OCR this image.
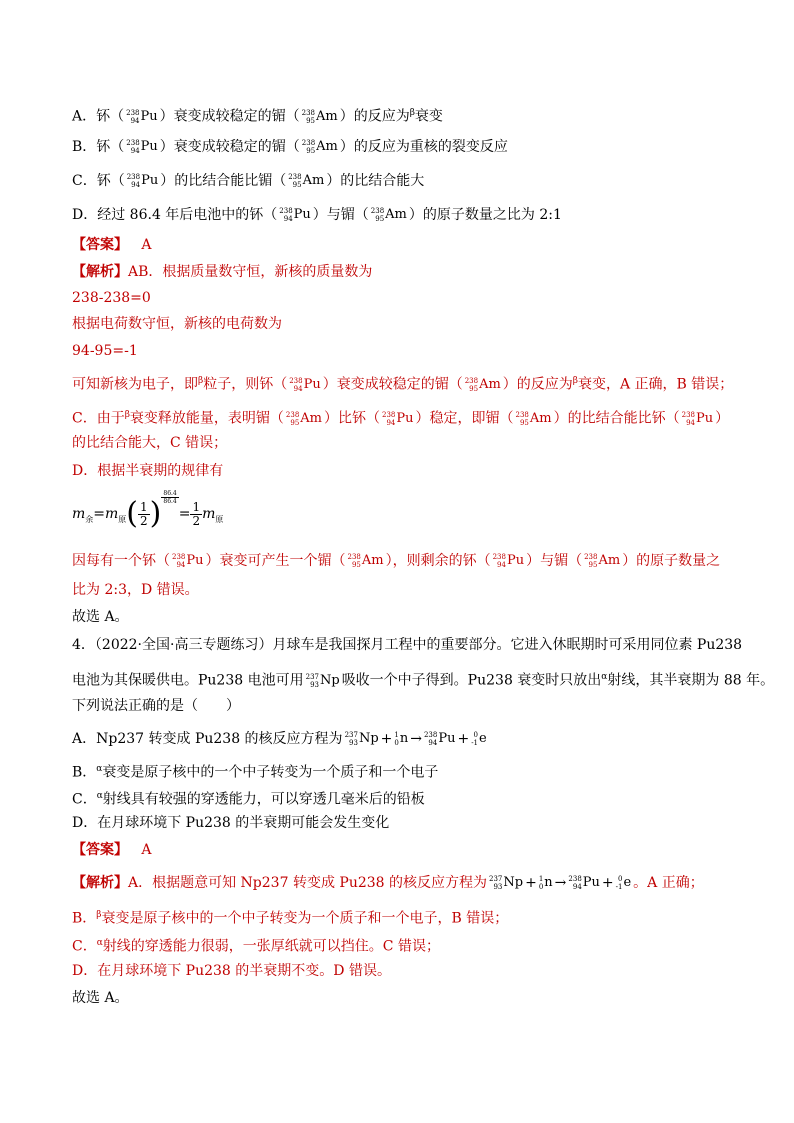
A．钚（ 238
94 Pu ）衰变成较稳定的镅（ 238
95 Am ）的反应为$^\beta$衰变
B．钚（ 238
94 Pu ）衰变成较稳定的镅（ 238
95 Am ）的反应为重核的裂变反应
C．钚（ 238
94 Pu ）的比结合能比镅（ 238
95 Am ）的比结合能大
D．经过 86.4 年后电池中的钚（ 238
94 Pu ）与镅（ 238
95 Am ）的原子数量之比为 2:1
【答案】 A
【解析】AB．根据质量数守恒，新核的质量数为
238-238=0
根据电荷数守恒，新核的电荷数为
94-95=-1
可知新核为电子，即$^\beta$粒子，则钚（ 238
94 Pu ）衰变成较稳定的镅（ 238
95 Am ）的反应为$^\beta$衰变，A 正确，B 错误；
C．由于$^\beta$衰变释放能量，表明镅（ 238
95 Am ）比钚（ 238
94 Pu ）稳定，即镅（ 238
95 Am ）的比结合能比钚（ 238
94 Pu ）
的比结合能大，C 错误；
D．根据半衰期的规律有
$m_余=m_原( \frac{1}{2}$ ) $\frac{86.4}{86.4}$
= $\frac{1}{2} m_原$
因每有一个钚（ 238
94 Pu ）衰变可产生一个镅（ 238
95 Am ），则剩余的钚（ 238
94 Pu ）与镅（ 238
95 Am ）的原子数量之
比为 2:3，D 错误。
故选 A。
4．（2022·全国·高三专题练习）月球车是我国探月工程中的重要部分。它进入休眠期时可采用同位素 Pu238
电池为其保暖供电。Pu238 电池可用 237
93 Np 吸收一个中子得到。Pu238 衰变时只放出$^\alpha$射线，其半衰期为 88 年。
下列说法正确的是（　　）
A．Np237 转变成 Pu238 的核反应方程为 237
93 Np + 1
0 n → 238
94 Pu + 0
-1 e
B．$^\alpha$衰变是原子核中的一个中子转变为一个质子和一个电子
C．$^\alpha$射线具有较强的穿透能力，可以穿透几毫米后的铅板
D．在月球环境下 Pu238 的半衰期可能会发生变化
【答案】 A
【解析】A．根据题意可知 Np237 转变成 Pu238 的核反应方程为 237
93 Np + 1
0 n → 238
94 Pu + 0
-1 e 。A 正确；
B．$^\beta$衰变是原子核中的一个中子转变为一个质子和一个电子，B 错误；
C．$^\alpha$射线的穿透能力很弱，一张厚纸就可以挡住。C 错误；
D．在月球环境下 Pu238 的半衰期不变。D 错误。
故选 A。
